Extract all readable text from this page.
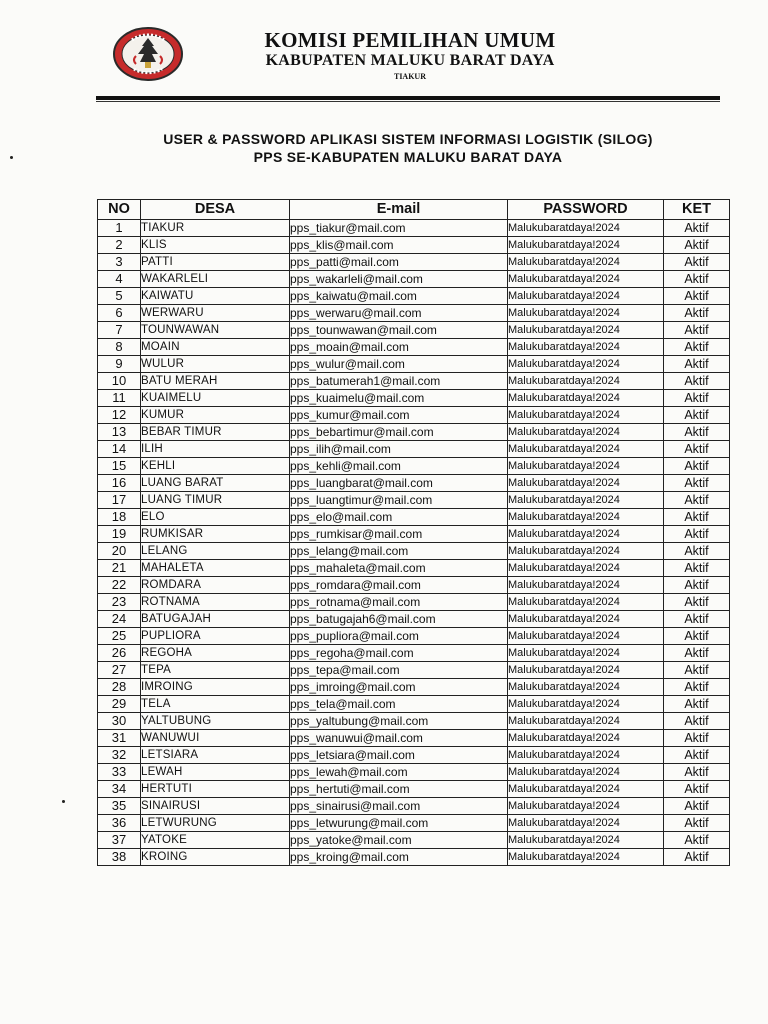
KOMISI PEMILIHAN UMUM
KABUPATEN MALUKU BARAT DAYA
TIAKUR
USER & PASSWORD APLIKASI SISTEM INFORMASI LOGISTIK (SILOG)
PPS SE-KABUPATEN MALUKU BARAT DAYA
NO	DESA	E-mail	PASSWORD	KET
1	TIAKUR	pps_tiakur@mail.com	Malukubaratdaya!2024	Aktif
2	KLIS	pps_klis@mail.com	Malukubaratdaya!2024	Aktif
3	PATTI	pps_patti@mail.com	Malukubaratdaya!2024	Aktif
4	WAKARLELI	pps_wakarleli@mail.com	Malukubaratdaya!2024	Aktif
5	KAIWATU	pps_kaiwatu@mail.com	Malukubaratdaya!2024	Aktif
6	WERWARU	pps_werwaru@mail.com	Malukubaratdaya!2024	Aktif
7	TOUNWAWAN	pps_tounwawan@mail.com	Malukubaratdaya!2024	Aktif
8	MOAIN	pps_moain@mail.com	Malukubaratdaya!2024	Aktif
9	WULUR	pps_wulur@mail.com	Malukubaratdaya!2024	Aktif
10	BATU MERAH	pps_batumerah1@mail.com	Malukubaratdaya!2024	Aktif
11	KUAIMELU	pps_kuaimelu@mail.com	Malukubaratdaya!2024	Aktif
12	KUMUR	pps_kumur@mail.com	Malukubaratdaya!2024	Aktif
13	BEBAR TIMUR	pps_bebartimur@mail.com	Malukubaratdaya!2024	Aktif
14	ILIH	pps_ilih@mail.com	Malukubaratdaya!2024	Aktif
15	KEHLI	pps_kehli@mail.com	Malukubaratdaya!2024	Aktif
16	LUANG BARAT	pps_luangbarat@mail.com	Malukubaratdaya!2024	Aktif
17	LUANG TIMUR	pps_luangtimur@mail.com	Malukubaratdaya!2024	Aktif
18	ELO	pps_elo@mail.com	Malukubaratdaya!2024	Aktif
19	RUMKISAR	pps_rumkisar@mail.com	Malukubaratdaya!2024	Aktif
20	LELANG	pps_lelang@mail.com	Malukubaratdaya!2024	Aktif
21	MAHALETA	pps_mahaleta@mail.com	Malukubaratdaya!2024	Aktif
22	ROMDARA	pps_romdara@mail.com	Malukubaratdaya!2024	Aktif
23	ROTNAMA	pps_rotnama@mail.com	Malukubaratdaya!2024	Aktif
24	BATUGAJAH	pps_batugajah6@mail.com	Malukubaratdaya!2024	Aktif
25	PUPLIORA	pps_pupliora@mail.com	Malukubaratdaya!2024	Aktif
26	REGOHA	pps_regoha@mail.com	Malukubaratdaya!2024	Aktif
27	TEPA	pps_tepa@mail.com	Malukubaratdaya!2024	Aktif
28	IMROING	pps_imroing@mail.com	Malukubaratdaya!2024	Aktif
29	TELA	pps_tela@mail.com	Malukubaratdaya!2024	Aktif
30	YALTUBUNG	pps_yaltubung@mail.com	Malukubaratdaya!2024	Aktif
31	WANUWUI	pps_wanuwui@mail.com	Malukubaratdaya!2024	Aktif
32	LETSIARA	pps_letsiara@mail.com	Malukubaratdaya!2024	Aktif
33	LEWAH	pps_lewah@mail.com	Malukubaratdaya!2024	Aktif
34	HERTUTI	pps_hertuti@mail.com	Malukubaratdaya!2024	Aktif
35	SINAIRUSI	pps_sinairusi@mail.com	Malukubaratdaya!2024	Aktif
36	LETWURUNG	pps_letwurung@mail.com	Malukubaratdaya!2024	Aktif
37	YATOKE	pps_yatoke@mail.com	Malukubaratdaya!2024	Aktif
38	KROING	pps_kroing@mail.com	Malukubaratdaya!2024	Aktif
